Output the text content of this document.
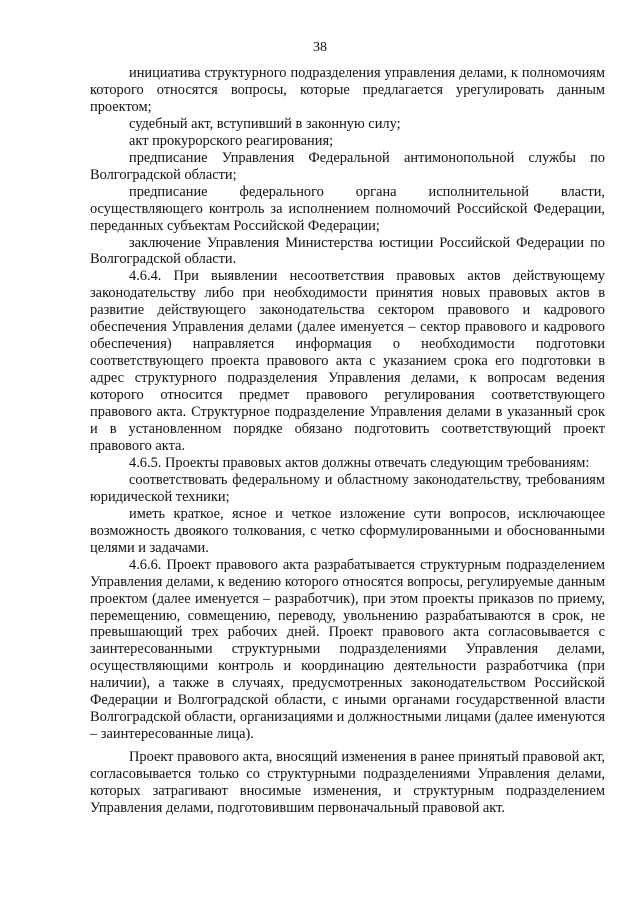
38

инициатива структурного подразделения управления делами, к полномочиям которого относятся вопросы, которые предлагается урегулировать данным проектом;

судебный акт, вступивший в законную силу;

акт прокурорского реагирования;

предписание Управления Федеральной антимонопольной службы по Волгоградской области;

предписание федерального органа исполнительной власти, осуществляющего контроль за исполнением полномочий Российской Федерации, переданных субъектам Российской Федерации;

заключение Управления Министерства юстиции Российской Федерации по Волгоградской области.

4.6.4. При выявлении несоответствия правовых актов действующему законодательству либо при необходимости принятия новых правовых актов в развитие действующего законодательства сектором правового и кадрового обеспечения Управления делами (далее именуется – сектор правового и кадрового обеспечения) направляется информация о необходимости подготовки соответствующего проекта правового акта с указанием срока его подготовки в адрес структурного подразделения Управления делами, к вопросам ведения которого относится предмет правового регулирования соответствующего правового акта. Структурное подразделение Управления делами в указанный срок и в установленном порядке обязано подготовить соответствующий проект правового акта.

4.6.5. Проекты правовых актов должны отвечать следующим требованиям:

соответствовать федеральному и областному законодательству, требованиям юридической техники;

иметь краткое, ясное и четкое изложение сути вопросов, исключающее возможность двоякого толкования, с четко сформулированными и обоснованными целями и задачами.

4.6.6. Проект правового акта разрабатывается структурным подразделением Управления делами, к ведению которого относятся вопросы, регулируемые данным проектом (далее именуется – разработчик), при этом проекты приказов по приему, перемещению, совмещению, переводу, увольнению разрабатываются в срок, не превышающий трех рабочих дней. Проект правового акта согласовывается с заинтересованными структурными подразделениями Управления делами, осуществляющими контроль и координацию деятельности разработчика (при наличии), а также в случаях, предусмотренных законодательством Российской Федерации и Волгоградской области, с иными органами государственной власти Волгоградской области, организациями и должностными лицами (далее именуются – заинтересованные лица).

Проект правового акта, вносящий изменения в ранее принятый правовой акт, согласовывается только со структурными подразделениями Управления делами, которых затрагивают вносимые изменения, и структурным подразделением Управления делами, подготовившим первоначальный правовой акт.
